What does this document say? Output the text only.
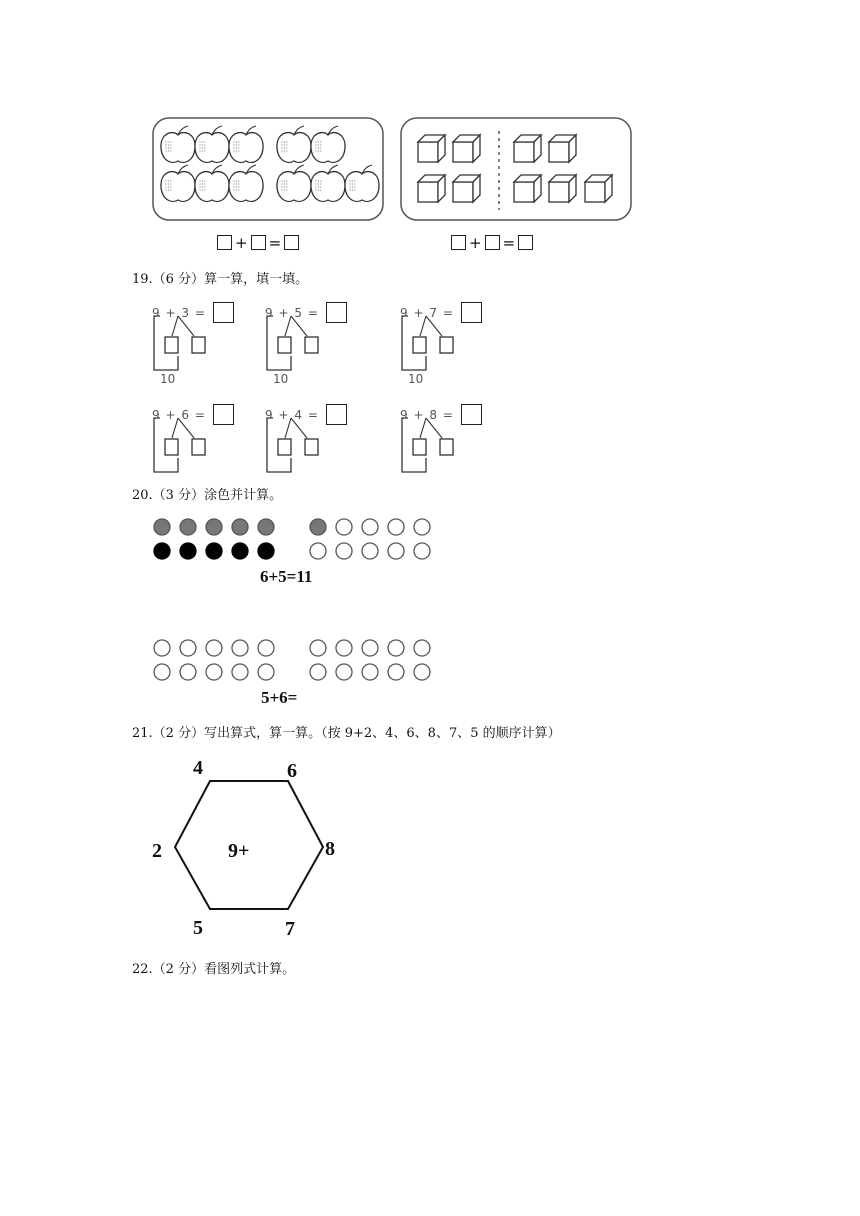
+ =	+ =
19.（6 分）算一算，填一填。
9 + 3 =
10
9 + 5 =
10
9 + 7 =
10
9 + 6 =	9 + 4 =	9 + 8 =
20.（3 分）涂色并计算。
6+5=11
5+6=
21.（2 分）写出算式，算一算。（按 9+2、4、6、8、7、5 的顺序计算）
9+
4	6
2	8
5	7
22.（2 分）看图列式计算。
